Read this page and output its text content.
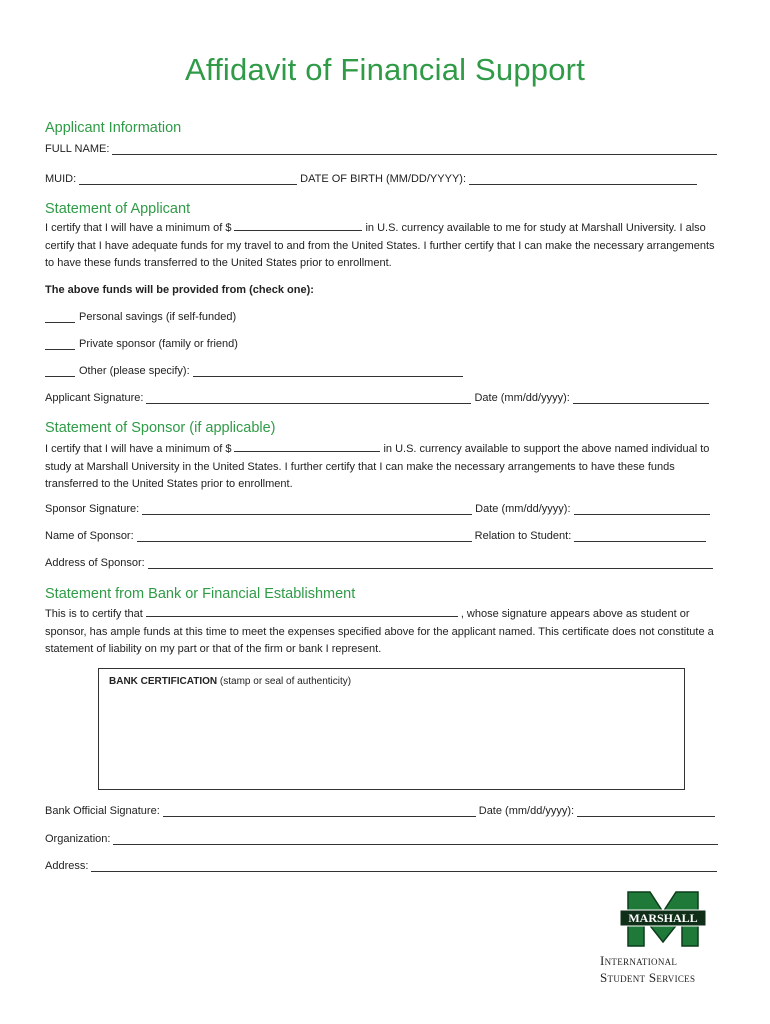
Affidavit of Financial Support
Applicant Information
FULL NAME:
MUID:	DATE OF BIRTH (MM/DD/YYYY):
Statement of Applicant
I certify that I will have a minimum of $	in U.S. currency available to me for study at Marshall University. I also certify that I have adequate funds for my travel to and from the United States. I further certify that I can make the necessary arrangements to have these funds transferred to the United States prior to enrollment.
The above funds will be provided from (check one):
Personal savings (if self-funded)
Private sponsor (family or friend)
Other (please specify):
Applicant Signature:	Date (mm/dd/yyyy):
Statement of Sponsor (if applicable)
I certify that I will have a minimum of $	in U.S. currency available to support the above named individual to study at Marshall University in the United States. I further certify that I can make the necessary arrangements to have these funds transferred to the United States prior to enrollment.
Sponsor Signature:	Date (mm/dd/yyyy):
Name of Sponsor:	Relation to Student:
Address of Sponsor:
Statement from Bank or Financial Establishment
This is to certify that	, whose signature appears above as student or sponsor, has ample funds at this time to meet the expenses specified above for the applicant named. This certificate does not constitute a statement of liability on my part or that of the firm or bank I represent.
BANK CERTIFICATION (stamp or seal of authenticity)
Bank Official Signature:	Date (mm/dd/yyyy):
Organization:
Address:
MARSHALL
International
Student Services
